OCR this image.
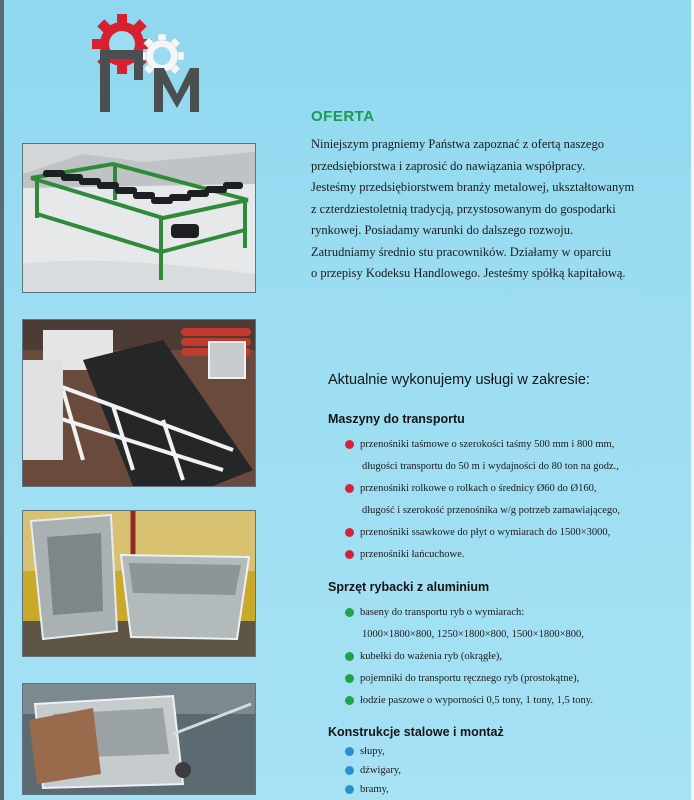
OFERTA
Niniejszym pragniemy Państwa zapoznać z ofertą naszego
przedsiębiorstwa i zaprosić do nawiązania współpracy.
Jesteśmy przedsiębiorstwem branży metalowej, ukształtowanym
z czterdziestoletnią tradycją, przystosowanym do gospodarki
rynkowej. Posiadamy warunki do dalszego rozwoju.
Zatrudniamy średnio stu pracowników. Działamy w oparciu
o przepisy Kodeksu Handlowego. Jesteśmy spółką kapitałową.
Aktualnie wykonujemy usługi w zakresie:
Maszyny do transportu
przenośniki taśmowe o szerokości taśmy 500 mm i 800 mm,
długości transportu do 50 m i wydajności do 80 ton na godz.,
przenośniki rolkowe o rolkach o średnicy Ø60 do Ø160,
długość i szerokość przenośnika w/g potrzeb zamawiającego,
przenośniki ssawkowe do płyt o wymiarach do 1500×3000,
przenośniki łańcuchowe.
Sprzęt rybacki z aluminium
baseny do transportu ryb o wymiarach:
1000×1800×800, 1250×1800×800, 1500×1800×800,
kubełki do ważenia ryb (okrągłe),
pojemniki do transportu ręcznego ryb (prostokątne),
łodzie paszowe o wyporności 0,5 tony, 1 tony, 1,5 tony.
Konstrukcje stalowe i montaż
słupy,
dźwigary,
bramy,
